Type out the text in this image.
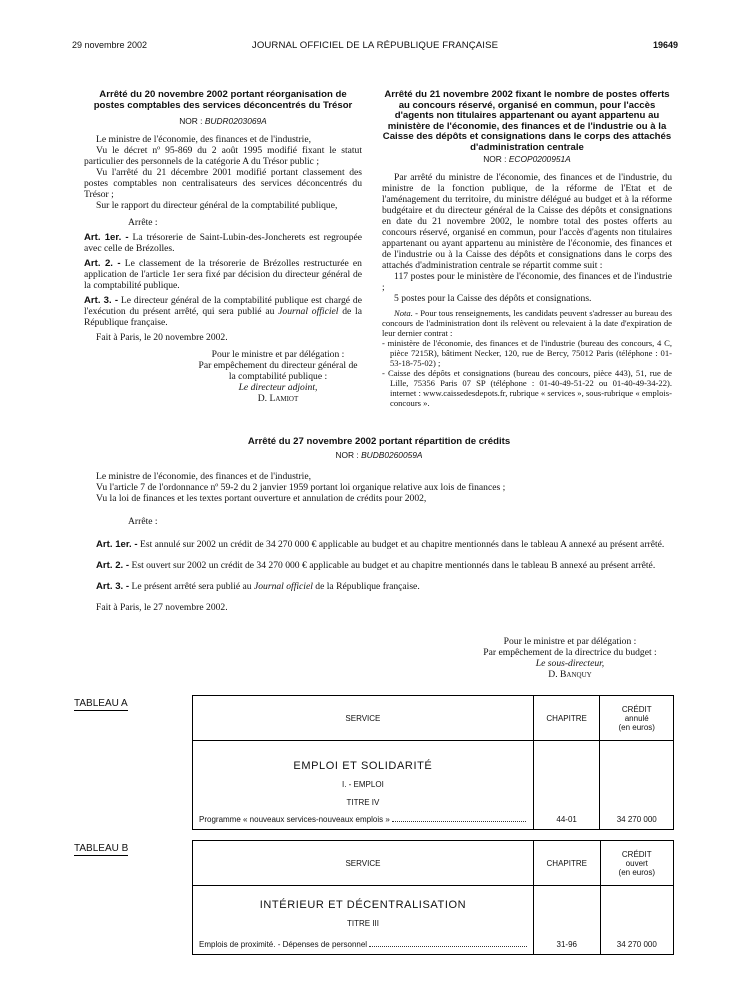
29 novembre 2002	JOURNAL OFFICIEL DE LA RÉPUBLIQUE FRANÇAISE	19649
Arrêté du 20 novembre 2002 portant réorganisation de postes comptables des services déconcentrés du Trésor
NOR : BUDR0203069A

Le ministre de l'économie, des finances et de l'industrie,

Vu le décret nº 95-869 du 2 août 1995 modifié fixant le statut particulier des personnels de la catégorie A du Trésor public ;

Vu l'arrêté du 21 décembre 2001 modifié portant classement des postes comptables non centralisateurs des services déconcentrés du Trésor ;

Sur le rapport du directeur général de la comptabilité publique,

Arrête :

Art. 1er. - La trésorerie de Saint-Lubin-des-Joncherets est regroupée avec celle de Brézolles.

Art. 2. - Le classement de la trésorerie de Brézolles restructurée en application de l'article 1er sera fixé par décision du directeur général de la comptabilité publique.

Art. 3. - Le directeur général de la comptabilité publique est chargé de l'exécution du présent arrêté, qui sera publié au Journal officiel de la République française.

Fait à Paris, le 20 novembre 2002.

Pour le ministre et par délégation :

Par empêchement du directeur général de la comptabilité publique :

Le directeur adjoint,

D. Lamiot

Arrêté du 21 novembre 2002 fixant le nombre de postes offerts au concours réservé, organisé en commun, pour l'accès d'agents non titulaires appartenant ou ayant appartenu au ministère de l'économie, des finances et de l'industrie ou à la Caisse des dépôts et consignations dans le corps des attachés d'administration centrale
NOR : ECOP0200951A

Par arrêté du ministre de l'économie, des finances et de l'industrie, du ministre de la fonction publique, de la réforme de l'Etat et de l'aménagement du territoire, du ministre délégué au budget et à la réforme budgétaire et du directeur général de la Caisse des dépôts et consignations en date du 21 novembre 2002, le nombre total des postes offerts au concours réservé, organisé en commun, pour l'accès d'agents non titulaires appartenant ou ayant appartenu au ministère de l'économie, des finances et de l'industrie ou à la Caisse des dépôts et consignations dans le corps des attachés d'administration centrale se répartit comme suit :

117 postes pour le ministère de l'économie, des finances et de l'industrie ;

5 postes pour la Caisse des dépôts et consignations.

Nota. - Pour tous renseignements, les candidats peuvent s'adresser au bureau des concours de l'administration dont ils relèvent ou relevaient à la date d'expiration de leur dernier contrat :

- ministère de l'économie, des finances et de l'industrie (bureau des concours, 4 C, pièce 7215R), bâtiment Necker, 120, rue de Bercy, 75012 Paris (téléphone : 01-53-18-75-02) ;

- Caisse des dépôts et consignations (bureau des concours, pièce 443), 51, rue de Lille, 75356 Paris 07 SP (téléphone : 01-40-49-51-22 ou 01-40-49-34-22). internet : www.caissedesdepots.fr, rubrique « services », sous-rubrique « emplois-concours ».

Arrêté du 27 novembre 2002 portant répartition de crédits
NOR : BUDB0260059A

Le ministre de l'économie, des finances et de l'industrie,

Vu l'article 7 de l'ordonnance nº 59-2 du 2 janvier 1959 portant loi organique relative aux lois de finances ;

Vu la loi de finances et les textes portant ouverture et annulation de crédits pour 2002,

Arrête :

Art. 1er. - Est annulé sur 2002 un crédit de 34 270 000 € applicable au budget et au chapitre mentionnés dans le tableau A annexé au présent arrêté.

Art. 2. - Est ouvert sur 2002 un crédit de 34 270 000 € applicable au budget et au chapitre mentionnés dans le tableau B annexé au présent arrêté.

Art. 3. - Le présent arrêté sera publié au Journal officiel de la République française.

Fait à Paris, le 27 novembre 2002.

Pour le ministre et par délégation :

Par empêchement de la directrice du budget :

Le sous-directeur,

D. Banquy

TABLEAU A
SERVICE	CHAPITRE	CRÉDIT
annulé
(en euros)

EMPLOI ET SOLIDARITÉ
I. - EMPLOI
TITRE IV
Programme « nouveaux services-nouveaux emplois »	44-01	34 270 000
TABLEAU B
SERVICE	CHAPITRE	CRÉDIT
ouvert
(en euros)

INTÉRIEUR ET DÉCENTRALISATION
TITRE III
Emplois de proximité. - Dépenses de personnel	31-96	34 270 000
